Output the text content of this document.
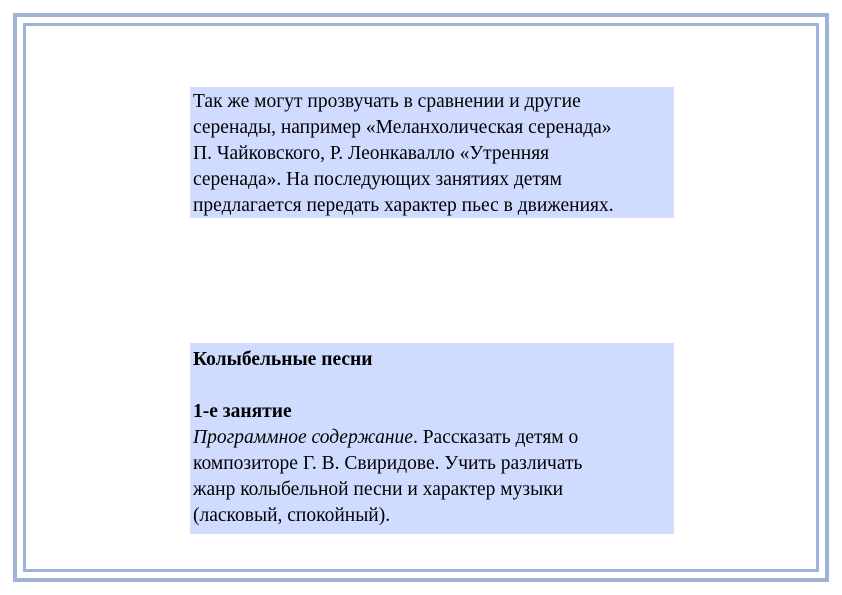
Так же могут прозвучать в сравнении и другие
серенады, например «Меланхолическая серенада»
П. Чайковского, Р. Леонкавалло «Утренняя
серенада». На последующих занятиях детям
предлагается передать характер пьес в движениях.
Колыбельные песни
1-е занятие
Программное содержание. Рассказать детям о
композиторе Г. В. Свиридове. Учить различать
жанр колыбельной песни и характер музыки
(ласковый, спокойный).
